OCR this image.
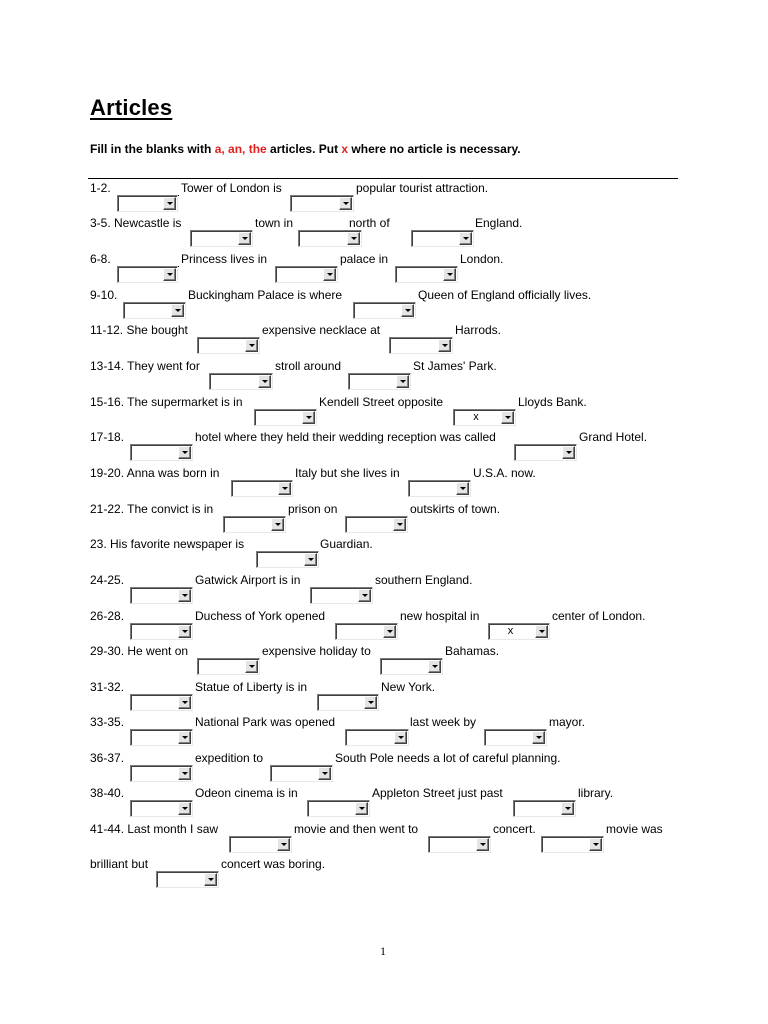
Articles
Fill in the blanks with a, an, the articles. Put x where no article is necessary.
1-2.	Tower of London is	popular tourist attraction.
3-5. Newcastle is	town in	north of	England.
6-8.	Princess lives in	palace in	London.
9-10.	Buckingham Palace is where	Queen of England officially lives.
11-12. She bought	expensive necklace at	Harrods.
13-14. They went for	stroll around	St James' Park.
15-16. The supermarket is in	Kendell Street opposite	Lloyds Bank.
x
17-18.	hotel where they held their wedding reception was called	Grand Hotel.
19-20. Anna was born in	Italy but she lives in	U.S.A. now.
21-22. The convict is in	prison on	outskirts of town.
23. His favorite newspaper is	Guardian.
24-25.	Gatwick Airport is in	southern England.
26-28.	Duchess of York opened	new hospital in	center of London.
x
29-30. He went on	expensive holiday to	Bahamas.
31-32.	Statue of Liberty is in	New York.
33-35.	National Park was opened	last week by	mayor.
36-37.	expedition to	South Pole needs a lot of careful planning.
38-40.	Odeon cinema is in	Appleton Street just past	library.
41-44. Last month I saw	movie and then went to	concert.	movie was
brilliant but	concert was boring.
1
